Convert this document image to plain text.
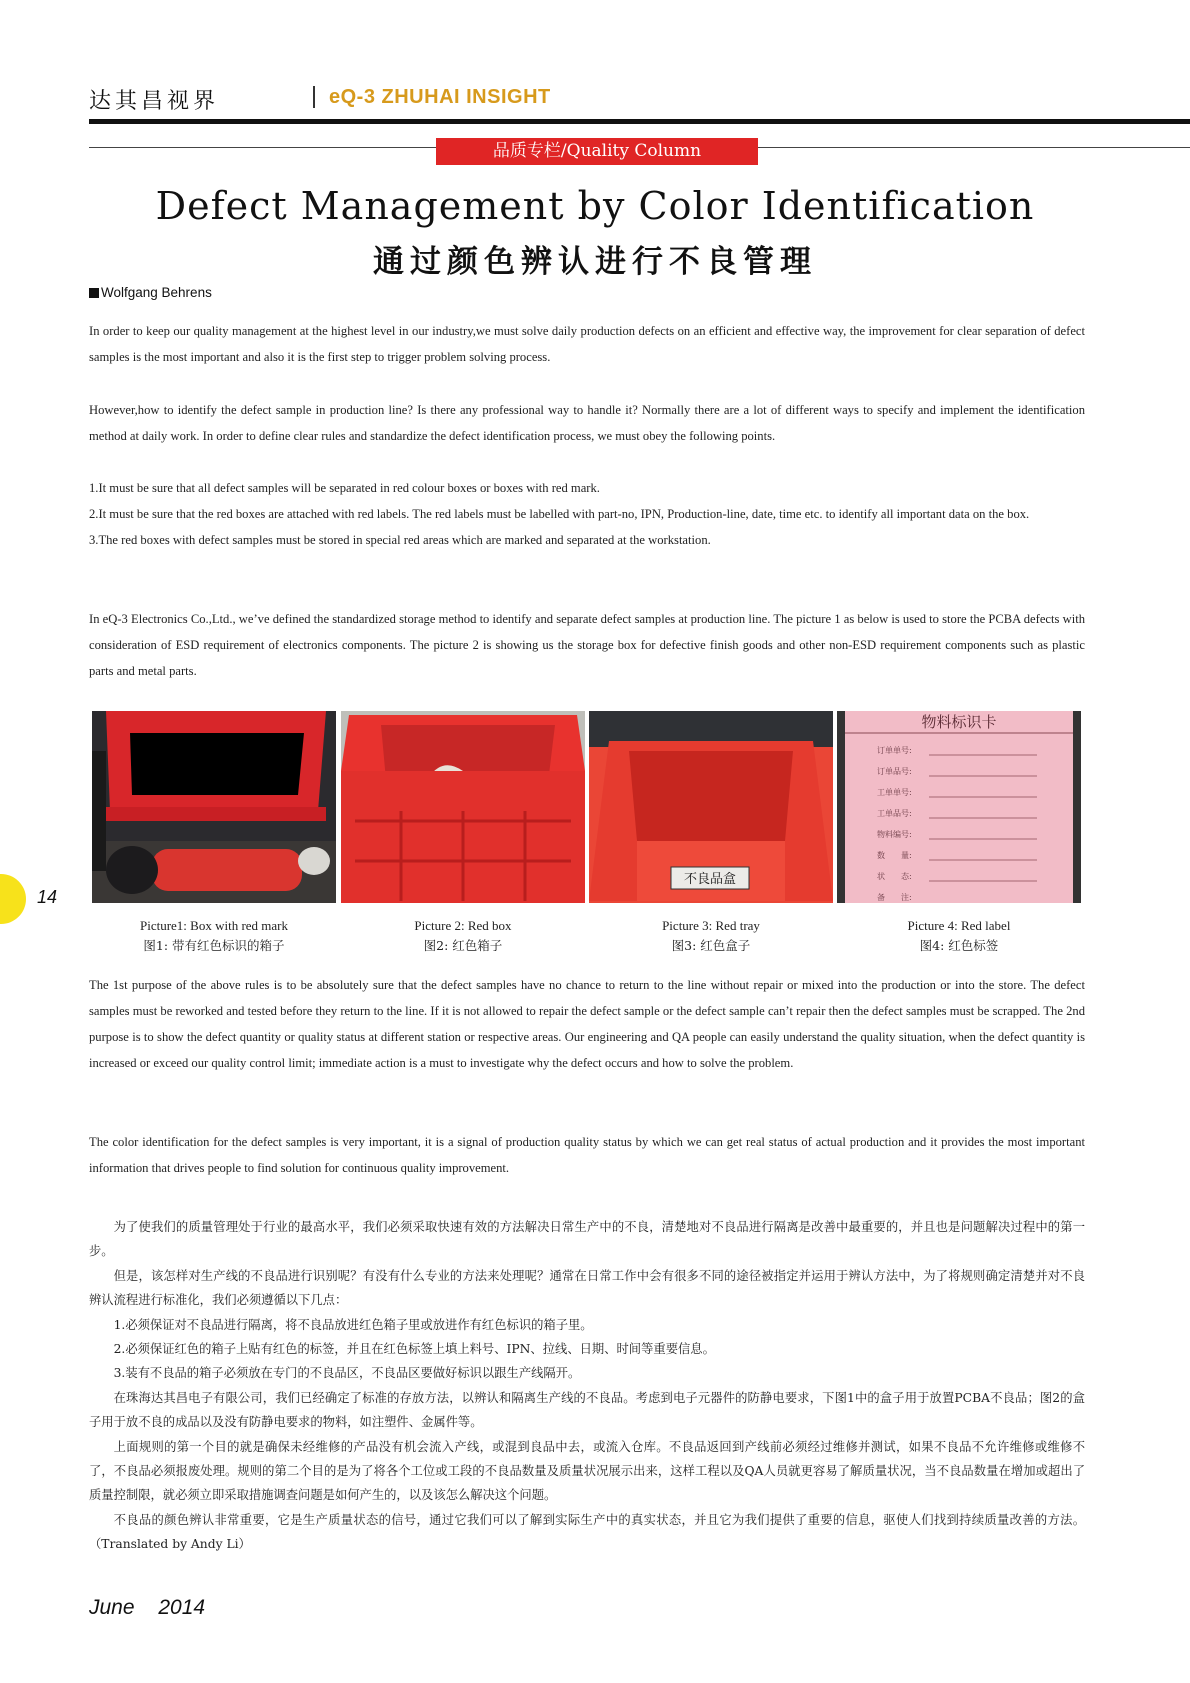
达其昌视界	eQ-3 ZHUHAI INSIGHT
品质专栏/Quality Column
Defect Management by Color Identification
通过颜色辨认进行不良管理
Wolfgang Behrens

In order to keep our quality management at the highest level in our industry,we must solve daily production defects on an efficient and effective way, the improvement for clear separation of defect samples is the most important and also it is the first step to trigger problem solving process.

However,how to identify the defect sample in production line? Is there any professional way to handle it? Normally there are a lot of different ways to specify and implement the identification method at daily work. In order to define clear rules and standardize the defect identification process, we must obey the following points.

1.It must be sure that all defect samples will be separated in red colour boxes or boxes with red mark.

2.It must be sure that the red boxes are attached with red labels. The red labels must be labelled with part-no, IPN, Production-line, date, time etc. to identify all important data on the box.

3.The red boxes with defect samples must be stored in special red areas which are marked and separated at the workstation.

In eQ-3 Electronics Co.,Ltd., we’ve defined the standardized storage method to identify and separate defect samples at production line. The picture 1 as below is used to store the PCBA defects with consideration of ESD requirement of electronics components. The picture 2 is showing us the storage box for defective finish goods and other non-ESD requirement components such as plastic parts and metal parts.

不良品盒
物料标识卡
订单单号:
订单品号:
工单单号:
工单品号:
物料编号:
数　　量:
状　　态:
备　　注:
Picture1: Box with red mark
图1: 带有红色标识的箱子
Picture 2: Red box
图2: 红色箱子
Picture 3: Red tray
图3: 红色盒子
Picture 4: Red label
图4: 红色标签
14

The 1st purpose of the above rules is to be absolutely sure that the defect samples have no chance to return to the line without repair or mixed into the production or into the store. The defect samples must be reworked and tested before they return to the line. If it is not allowed to repair the defect sample or the defect sample can’t repair then the defect samples must be scrapped. The 2nd purpose is to show the defect quantity or quality status at different station or respective areas. Our engineering and QA people can easily understand the quality situation, when the defect quantity is increased or exceed our quality control limit; immediate action is a must to investigate why the defect occurs and how to solve the problem.

The color identification for the defect samples is very important, it is a signal of production quality status by which we can get real status of actual production and it provides the most important information that drives people to find solution for continuous quality improvement.

为了使我们的质量管理处于行业的最高水平，我们必须采取快速有效的方法解决日常生产中的不良，清楚地对不良品进行隔离是改善中最重要的，并且也是问题解决过程中的第一步。

但是，该怎样对生产线的不良品进行识别呢？有没有什么专业的方法来处理呢？通常在日常工作中会有很多不同的途径被指定并运用于辨认方法中，为了将规则确定清楚并对不良辨认流程进行标准化，我们必须遵循以下几点：

1.必须保证对不良品进行隔离，将不良品放进红色箱子里或放进作有红色标识的箱子里。

2.必须保证红色的箱子上贴有红色的标签，并且在红色标签上填上料号、IPN、拉线、日期、时间等重要信息。

3.装有不良品的箱子必须放在专门的不良品区，不良品区要做好标识以跟生产线隔开。

在珠海达其昌电子有限公司，我们已经确定了标准的存放方法，以辨认和隔离生产线的不良品。考虑到电子元器件的防静电要求，下图1中的盒子用于放置PCBA不良品；图2的盒子用于放不良的成品以及没有防静电要求的物料，如注塑件、金属件等。

上面规则的第一个目的就是确保未经维修的产品没有机会流入产线，或混到良品中去，或流入仓库。不良品返回到产线前必须经过维修并测试，如果不良品不允许维修或维修不了，不良品必须报废处理。规则的第二个目的是为了将各个工位或工段的不良品数量及质量状况展示出来，这样工程以及QA人员就更容易了解质量状况，当不良品数量在增加或超出了质量控制限，就必须立即采取措施调查问题是如何产生的，以及该怎么解决这个问题。

不良品的颜色辨认非常重要，它是生产质量状态的信号，通过它我们可以了解到实际生产中的真实状态，并且它为我们提供了重要的信息，驱使人们找到持续质量改善的方法。（Translated by Andy Li）

June 2014
